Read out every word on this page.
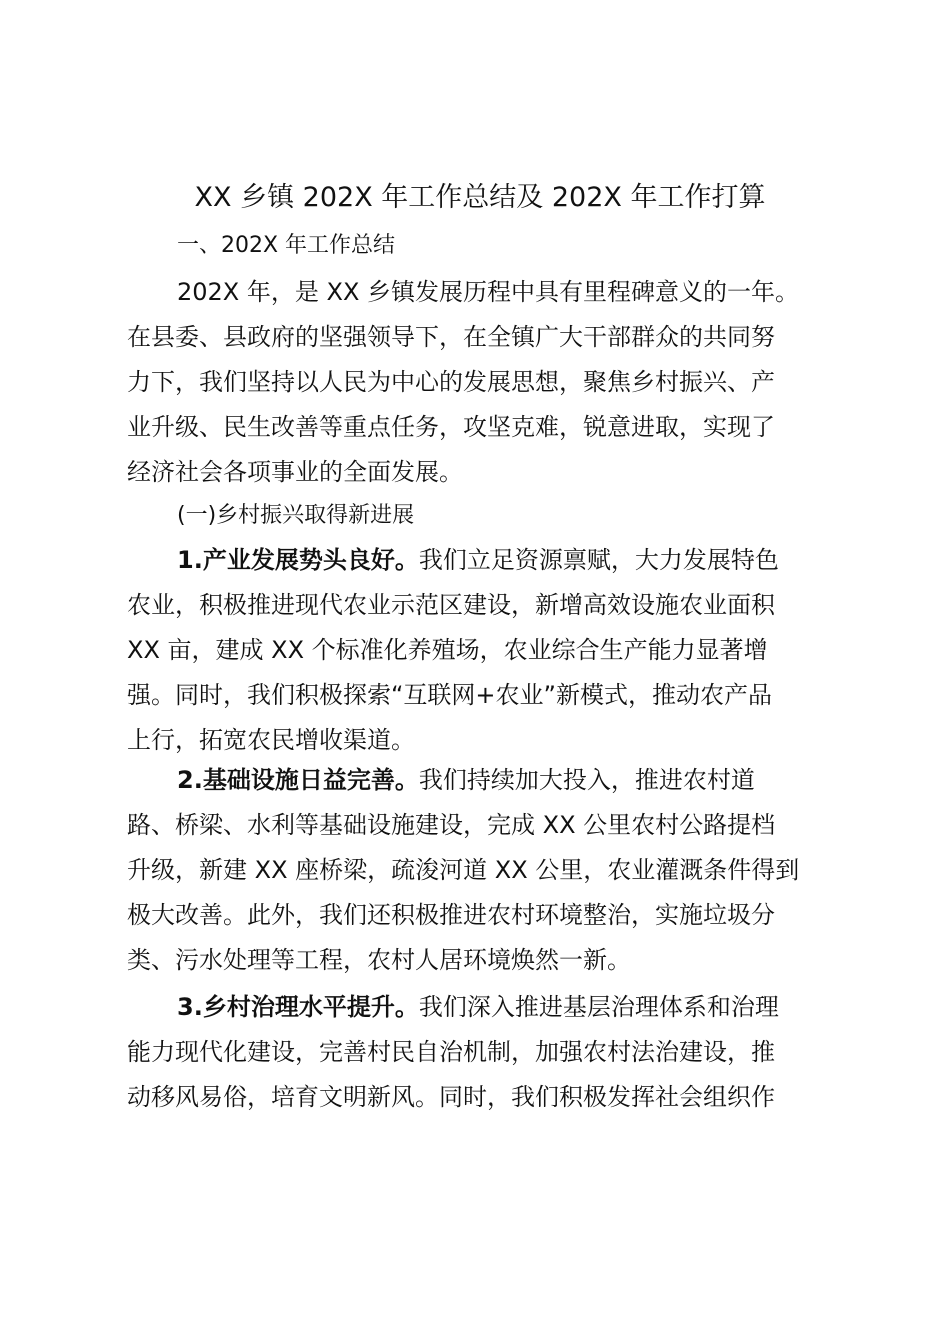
XX 乡镇 202X 年工作总结及 202X 年工作打算
一、202X 年工作总结
202X 年，是 XX 乡镇发展历程中具有里程碑意义的一年。
在县委、县政府的坚强领导下，在全镇广大干部群众的共同努
力下，我们坚持以人民为中心的发展思想，聚焦乡村振兴、产
业升级、民生改善等重点任务，攻坚克难，锐意进取，实现了
经济社会各项事业的全面发展。
(一)乡村振兴取得新进展
1.产业发展势头良好。我们立足资源禀赋，大力发展特色
农业，积极推进现代农业示范区建设，新增高效设施农业面积
XX 亩，建成 XX 个标准化养殖场，农业综合生产能力显著增
强。同时，我们积极探索“互联网+农业”新模式，推动农产品
上行，拓宽农民增收渠道。
2.基础设施日益完善。我们持续加大投入，推进农村道
路、桥梁、水利等基础设施建设，完成 XX 公里农村公路提档
升级，新建 XX 座桥梁，疏浚河道 XX 公里，农业灌溉条件得到
极大改善。此外，我们还积极推进农村环境整治，实施垃圾分
类、污水处理等工程，农村人居环境焕然一新。
3.乡村治理水平提升。我们深入推进基层治理体系和治理
能力现代化建设，完善村民自治机制，加强农村法治建设，推
动移风易俗，培育文明新风。同时，我们积极发挥社会组织作
